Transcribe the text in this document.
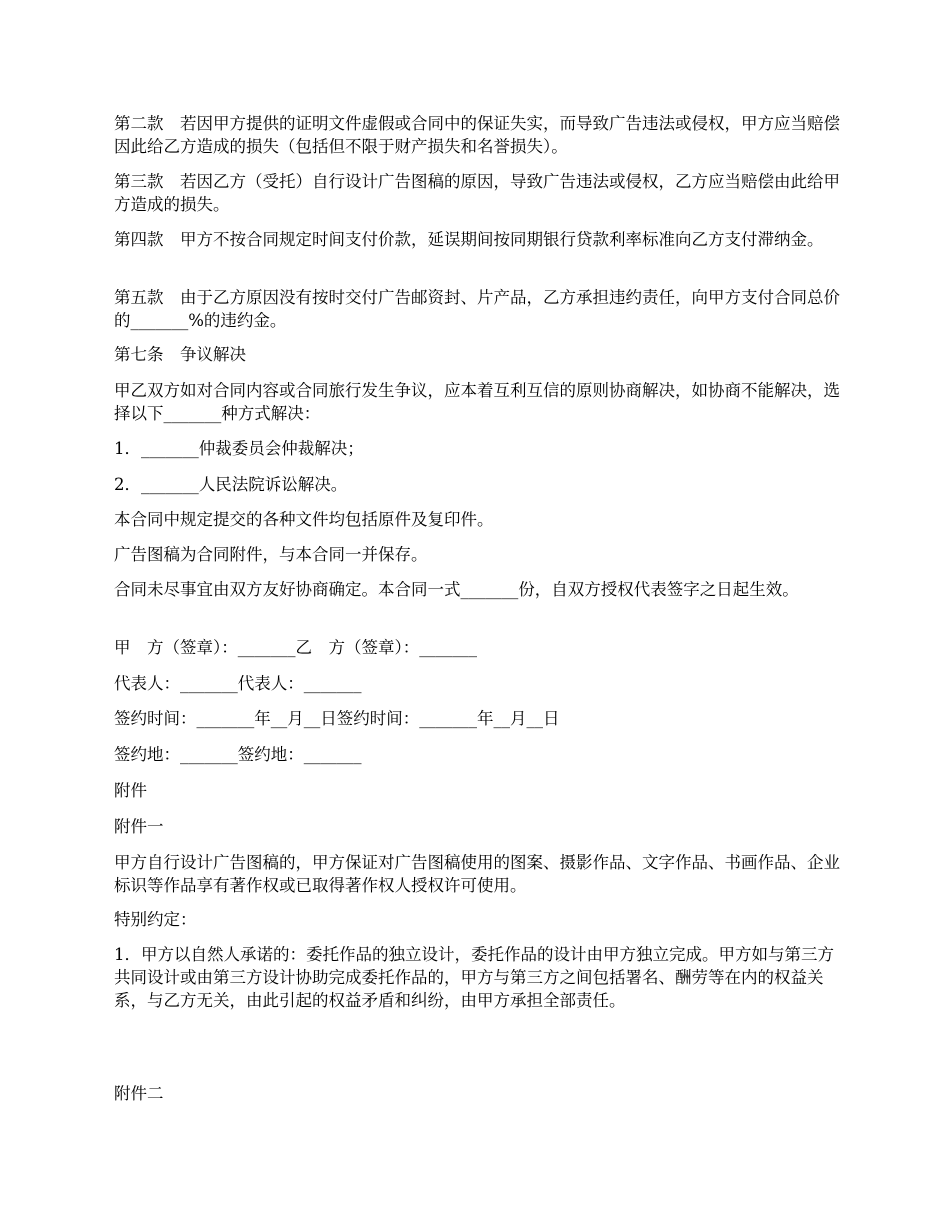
第二款　若因甲方提供的证明文件虚假或合同中的保证失实，而导致广告违法或侵权，甲方应当赔偿因此给乙方造成的损失（包括但不限于财产损失和名誉损失）。

第三款　若因乙方（受托）自行设计广告图稿的原因，导致广告违法或侵权，乙方应当赔偿由此给甲方造成的损失。

第四款　甲方不按合同规定时间支付价款，延误期间按同期银行贷款利率标准向乙方支付滞纳金。

第五款　由于乙方原因没有按时交付广告邮资封、片产品，乙方承担违约责任，向甲方支付合同总价的_______%的违约金。

第七条　争议解决

甲乙双方如对合同内容或合同旅行发生争议，应本着互利互信的原则协商解决，如协商不能解决，选择以下_______种方式解决：

1．_______仲裁委员会仲裁解决；

2．_______人民法院诉讼解决。

本合同中规定提交的各种文件均包括原件及复印件。

广告图稿为合同附件，与本合同一并保存。

合同未尽事宜由双方友好协商确定。本合同一式_______份，自双方授权代表签字之日起生效。

甲　方（签章）：_______乙　方（签章）：_______

代表人：_______代表人：_______

签约时间：_______年__月__日签约时间：_______年__月__日

签约地：_______签约地：_______

附件

附件一

甲方自行设计广告图稿的，甲方保证对广告图稿使用的图案、摄影作品、文字作品、书画作品、企业标识等作品享有著作权或已取得著作权人授权许可使用。

特别约定：

1．甲方以自然人承诺的：委托作品的独立设计，委托作品的设计由甲方独立完成。甲方如与第三方共同设计或由第三方设计协助完成委托作品的，甲方与第三方之间包括署名、酬劳等在内的权益关系，与乙方无关，由此引起的权益矛盾和纠纷，由甲方承担全部责任。

附件二
